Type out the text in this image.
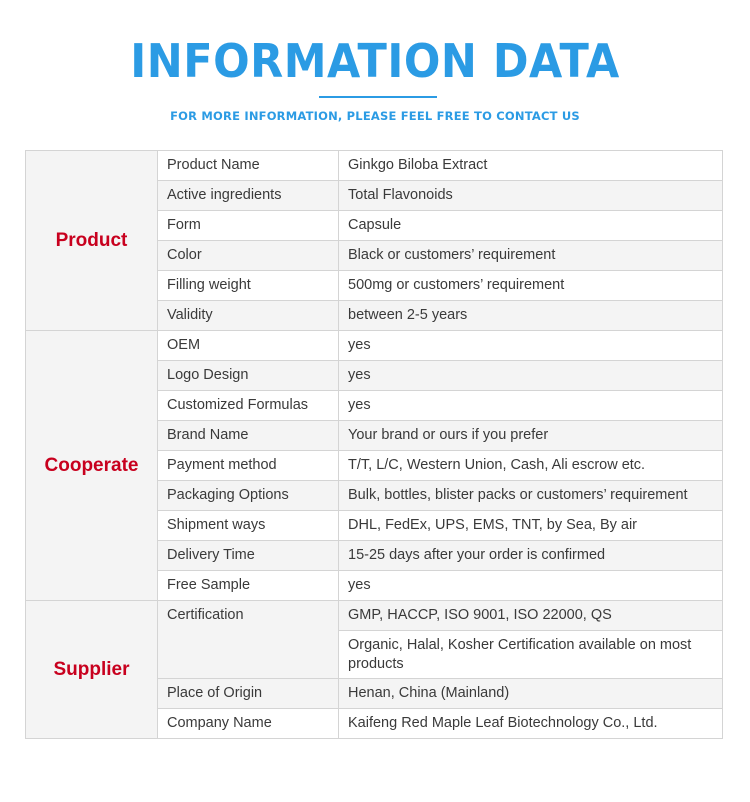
INFORMATION DATA
FOR MORE INFORMATION, PLEASE FEEL FREE TO CONTACT US
Product	Product Name	Ginkgo Biloba Extract
	Active ingredients	Total Flavonoids
	Form	Capsule
	Color	Black or customers’ requirement
	Filling weight	500mg or customers’ requirement
	Validity	between 2-5 years
Cooperate	OEM	yes
	Logo Design	yes
	Customized Formulas	yes
	Brand Name	Your brand or ours if you prefer
	Payment method	T/T, L/C, Western Union, Cash, Ali escrow etc.
	Packaging Options	Bulk, bottles, blister packs or customers’ requirement
	Shipment ways	DHL, FedEx, UPS, EMS, TNT, by Sea, By air
	Delivery Time	15-25 days after your order is confirmed
	Free Sample	yes
Supplier	Certification	GMP, HACCP, ISO 9001, ISO 22000, QS
		Organic, Halal, Kosher Certification available on most products
	Place of Origin	Henan, China (Mainland)
	Company Name	Kaifeng Red Maple Leaf Biotechnology Co., Ltd.
